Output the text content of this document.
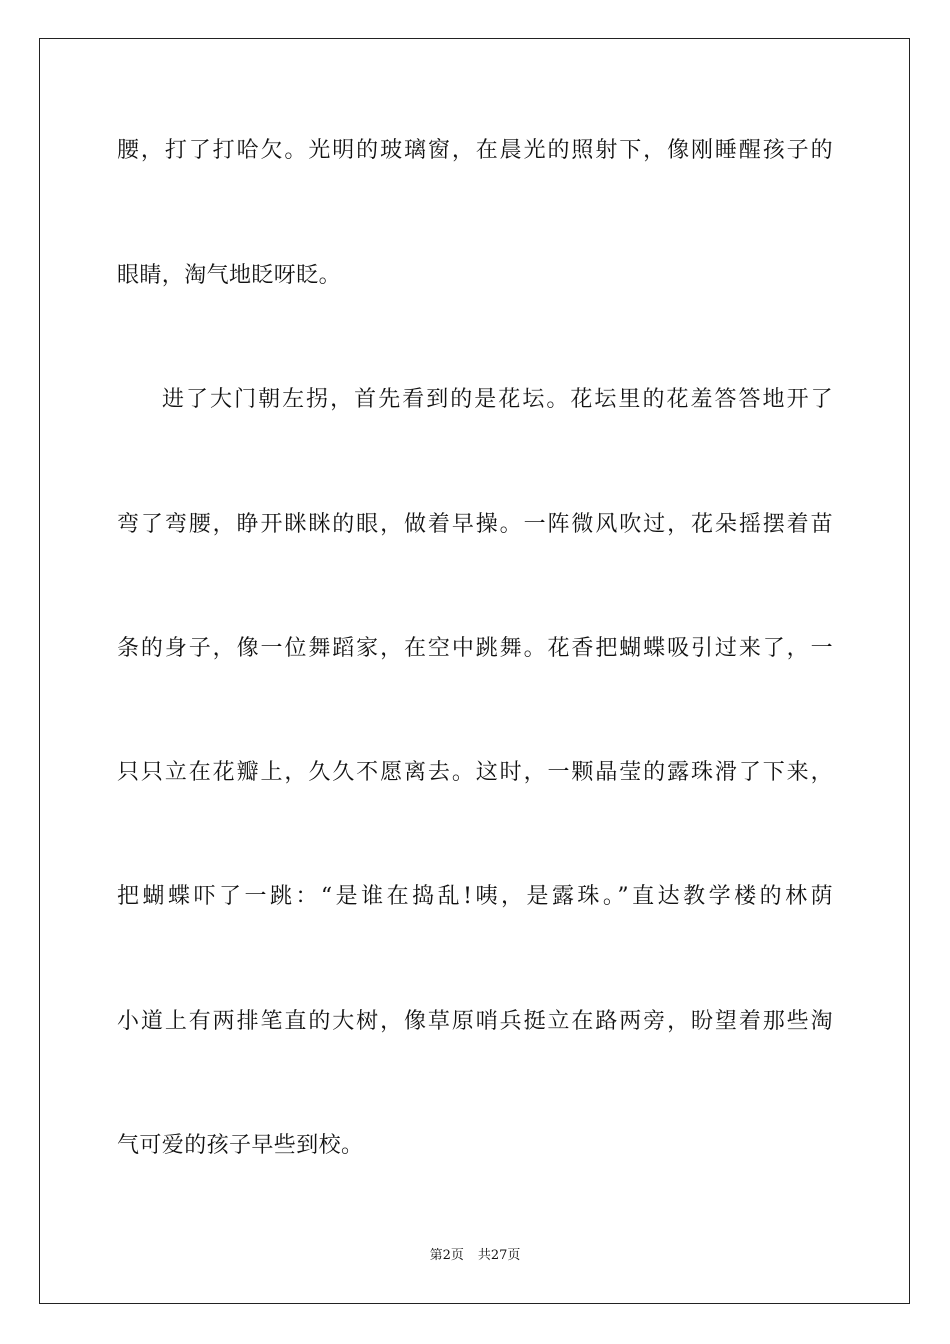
腰，打了打哈欠。光明的玻璃窗，在晨光的照射下，像刚睡醒孩子的
眼睛，淘气地眨呀眨。
进了大门朝左拐，首先看到的是花坛。花坛里的花羞答答地开了
弯了弯腰，睁开眯眯的眼，做着早操。一阵微风吹过，花朵摇摆着苗
条的身子，像一位舞蹈家，在空中跳舞。花香把蝴蝶吸引过来了，一
只只立在花瓣上，久久不愿离去。这时，一颗晶莹的露珠滑了下来，
把蝴蝶吓了一跳：“是谁在捣乱!咦，是露珠。”直达教学楼的林荫
小道上有两排笔直的大树，像草原哨兵挺立在路两旁，盼望着那些淘
气可爱的孩子早些到校。
第2页 共27页
